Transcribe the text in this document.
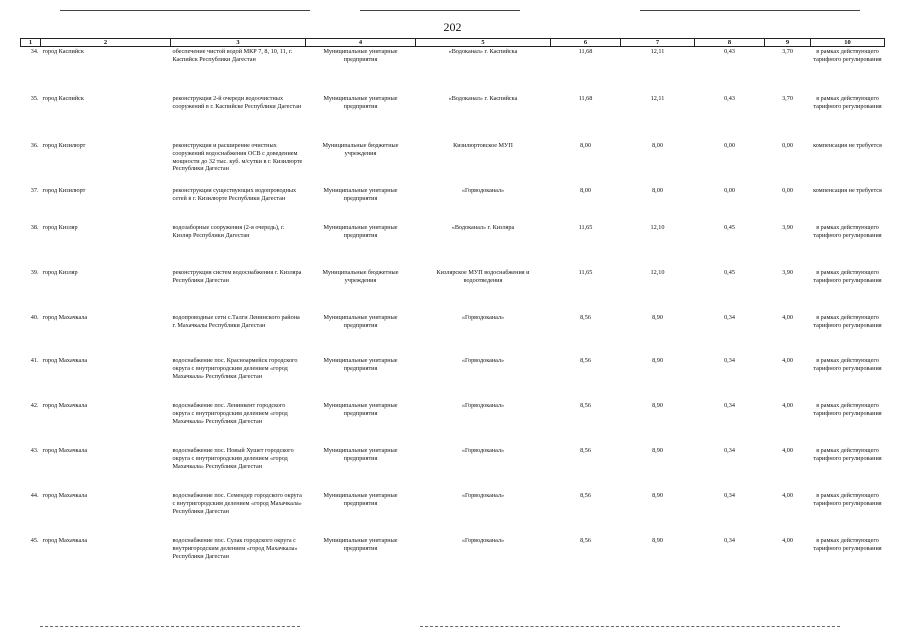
202
1	2	3	4	5	6	7	8	9	10
34.	город Каспийск	обеспечение чистой водой МКР 7, 8, 10, 11, г. Каспийск Республики Дагестан	Муниципальные унитарные предприятия	«Водоканал» г. Каспийска	11,68	12,11	0,43	3,70	в рамках действующего тарифного регулирования
35.	город Каспийск	реконструкция 2-й очереди водоочистных сооружений в г. Каспийске Республики Дагестан	Муниципальные унитарные предприятия	«Водоканал» г. Каспийска	11,68	12,11	0,43	3,70	в рамках действующего тарифного регулирования
36.	город Кизилюрт	реконструкция и расширение очистных сооружений водоснабжения ОСВ с доведением мощности до 32 тыс. куб. м/сутки в г. Кизилюрте Республики Дагестан	Муниципальные бюджетные учреждения	Кизилюртовское МУП	8,00	8,00	0,00	0,00	компенсация не требуется
37.	город Кизилюрт	реконструкция существующих водопроводных сетей в г. Кизилюрте Республики Дагестан	Муниципальные унитарные предприятия	«Горводоканал»	8,00	8,00	0,00	0,00	компенсация не требуется
38.	город Кизляр	водозаборные сооружения (2-я очередь), г. Кизляр Республики Дагестан	Муниципальные унитарные предприятия	«Водоканал» г. Кизляра	11,65	12,10	0,45	3,90	в рамках действующего тарифного регулирования
39.	город Кизляр	реконструкция систем водоснабжения г. Кизляра Республики Дагестан	Муниципальные бюджетные учреждения	Кизлярское МУП водоснабжения и водоотведения	11,65	12,10	0,45	3,90	в рамках действующего тарифного регулирования
40.	город Махачкала	водопроводные сети с.Талги Ленинского района г. Махачкалы Республики Дагестан	Муниципальные унитарные предприятия	«Горводоканал»	8,56	8,90	0,34	4,00	в рамках действующего тарифного регулирования
41.	город Махачкала	водоснабжение пос. Красноармейск городского округа с внутригородским делением «город Махачкала» Республики Дагестан	Муниципальные унитарные предприятия	«Горводоканал»	8,56	8,90	0,34	4,00	в рамках действующего тарифного регулирования
42.	город Махачкала	водоснабжение пос. Ленинкент городского округа с внутригородским делением «город Махачкала» Республики Дагестан	Муниципальные унитарные предприятия	«Горводоканал»	8,56	8,90	0,34	4,00	в рамках действующего тарифного регулирования
43.	город Махачкала	водоснабжение пос. Новый Хушет городского округа с внутригородским делением «город Махачкала» Республики Дагестан	Муниципальные унитарные предприятия	«Горводоканал»	8,56	8,90	0,34	4,00	в рамках действующего тарифного регулирования
44.	город Махачкала	водоснабжение пос. Семендер городского округа с внутригородским делением «город Махачкала» Республики Дагестан	Муниципальные унитарные предприятия	«Горводоканал»	8,56	8,90	0,34	4,00	в рамках действующего тарифного регулирования
45.	город Махачкала	водоснабжение пос. Сулак городского округа с внутригородским делением «город Махачкала» Республики Дагестан	Муниципальные унитарные предприятия	«Горводоканал»	8,56	8,90	0,34	4,00	в рамках действующего тарифного регулирования
